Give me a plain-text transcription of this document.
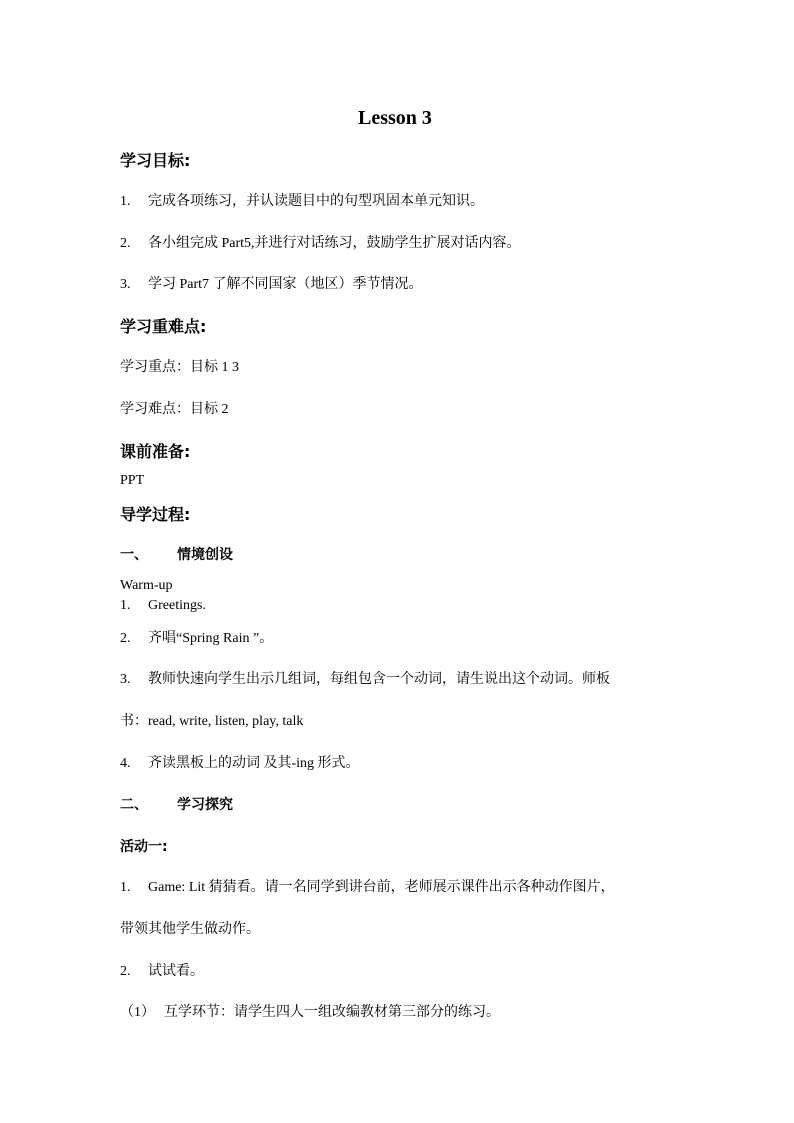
Lesson 3
学习目标:
1. 完成各项练习，并认读题目中的句型巩固本单元知识。
2. 各小组完成 Part5,并进行对话练习，鼓励学生扩展对话内容。
3. 学习 Part7 了解不同国家（地区）季节情况。
学习重难点:
学习重点：目标 1 3
学习难点：目标 2
课前准备:
PPT
导学过程:
一、 情境创设
Warm-up
1. Greetings.
2. 齐唱“Spring Rain ”。
3. 教师快速向学生出示几组词，每组包含一个动词，请生说出这个动词。师板
书：read, write, listen, play, talk
4. 齐读黑板上的动词 及其-ing 形式。
二、 学习探究
活动一:
1. Game: Lit 猜猜看。请一名同学到讲台前，老师展示课件出示各种动作图片，
带领其他学生做动作。
2. 试试看。
（1） 互学环节：请学生四人一组改编教材第三部分的练习。
